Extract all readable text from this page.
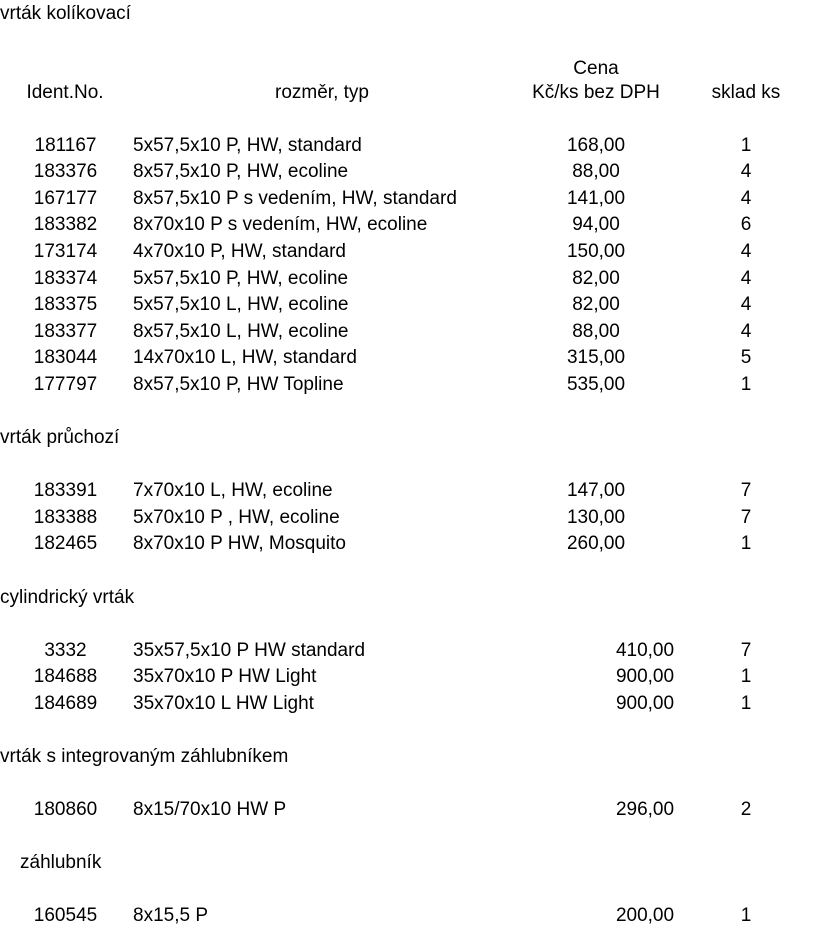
vrták kolíkovací
Ident.No.	rozměr, typ
Cena
Kč/ks bez DPH	sklad ks
181167	5x57,5x10 P, HW, standard	168,00	1
183376	8x57,5x10 P, HW, ecoline	88,00	4
167177	8x57,5x10 P s vedením, HW, standard	141,00	4
183382	8x70x10 P s vedením, HW, ecoline	94,00	6
173174	4x70x10 P, HW, standard	150,00	4
183374	5x57,5x10 P, HW, ecoline	82,00	4
183375	5x57,5x10 L, HW, ecoline	82,00	4
183377	8x57,5x10 L, HW, ecoline	88,00	4
183044	14x70x10 L, HW, standard	315,00	5
177797	8x57,5x10 P, HW Topline	535,00	1
vrták průchozí
183391	7x70x10 L, HW, ecoline	147,00	7
183388	5x70x10 P , HW, ecoline	130,00	7
182465	8x70x10 P HW, Mosquito	260,00	1
cylindrický vrták
3332	35x57,5x10 P HW standard	410,00	7
184688	35x70x10 P HW Light	900,00	1
184689	35x70x10 L HW Light	900,00	1
vrták s integrovaným záhlubníkem
180860	8x15/70x10 HW P	296,00	2
záhlubník
160545	8x15,5 P	200,00	1
